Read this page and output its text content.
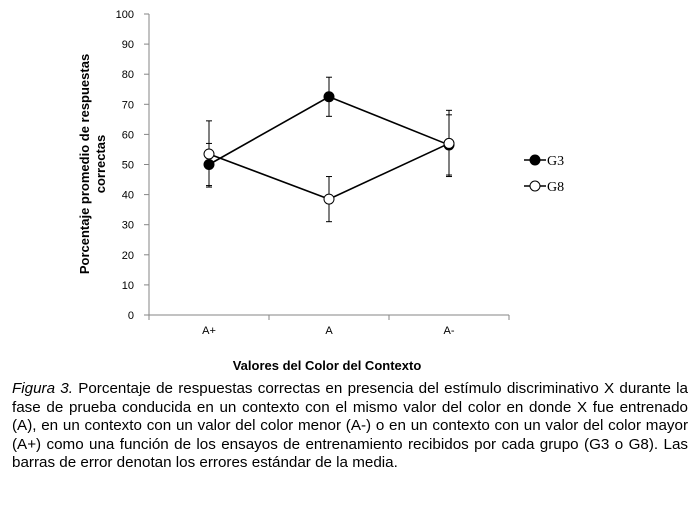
0
10
20
30
40
50
60
70
80
90
100
A+	A	A-
G3
G8
Porcentaje promedio de respuestascorrectas
Valores del Color del Contexto

Figura 3. Porcentaje de respuestas correctas en presencia del estímulo discriminativo X durante la fase de prueba conducida en un contexto con el mismo valor del color en donde X fue entrenado (A), en un contexto con un valor del color menor (A-) o en un contexto con un valor del color mayor (A+) como una función de los ensayos de entrenamiento recibidos por cada grupo (G3 o G8). Las barras de error denotan los errores estándar de la media.
